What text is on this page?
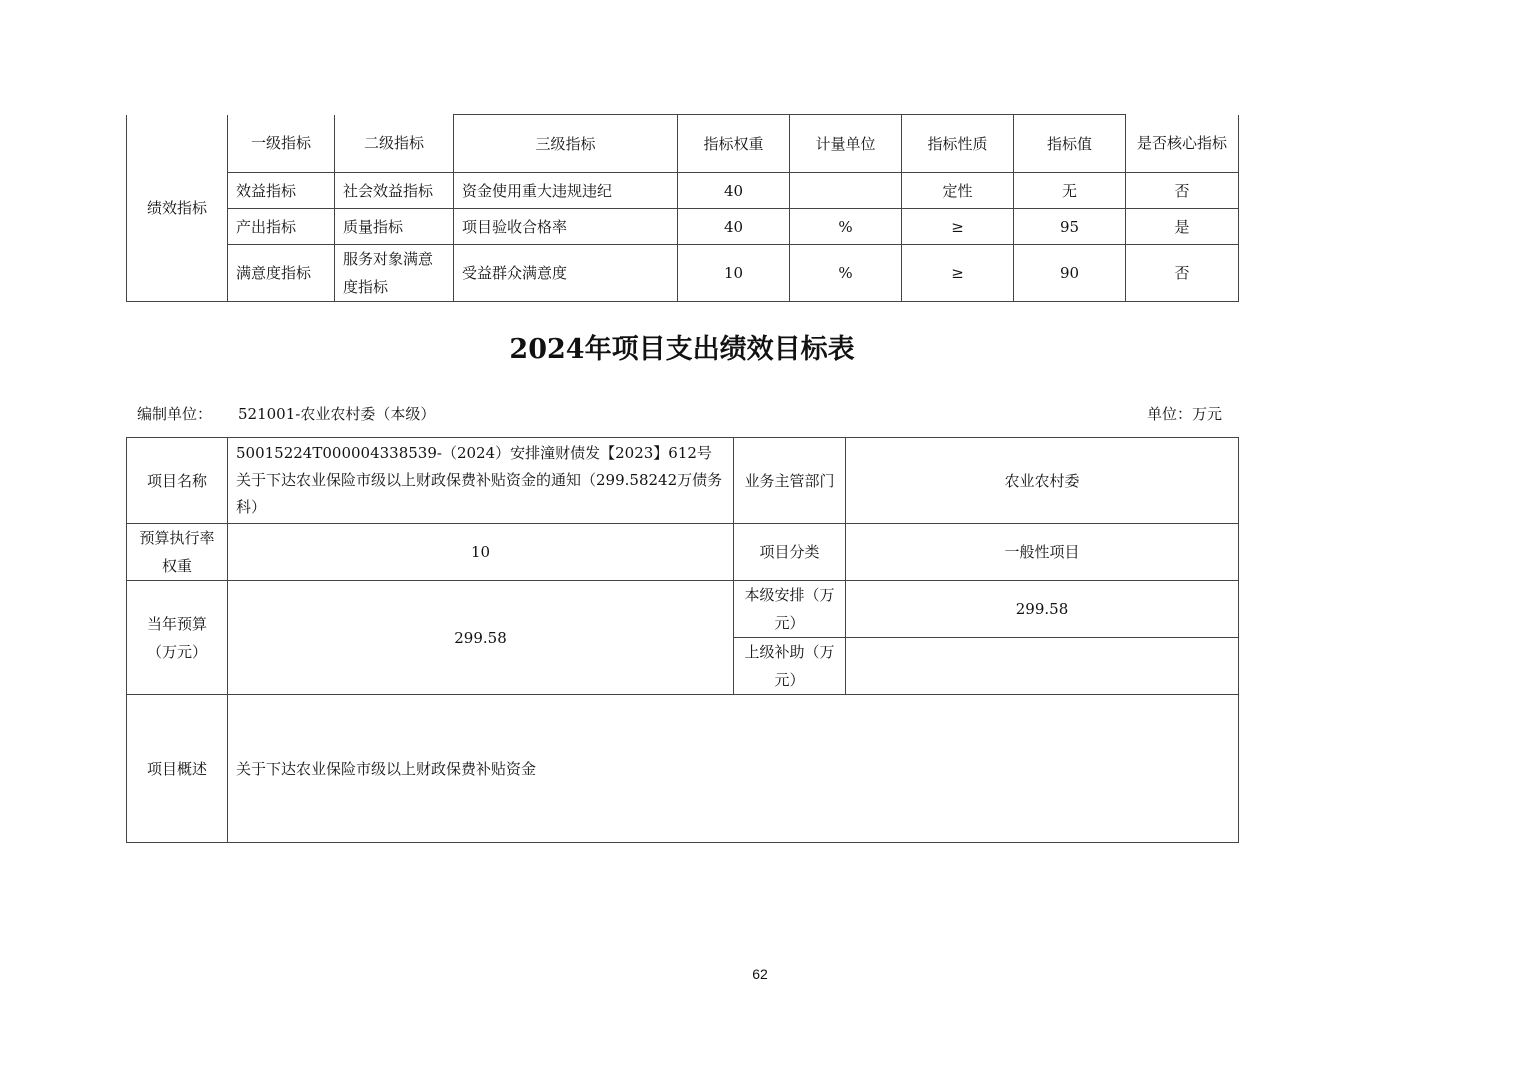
绩效指标	一级指标	二级指标	三级指标	指标权重	计量单位	指标性质	指标值	是否核心指标
	效益指标	社会效益指标	资金使用重大违规违纪	40		定性	无	否
	产出指标	质量指标	项目验收合格率	40	%	≥	95	是
	满意度指标	服务对象满意度指标	受益群众满意度	10	%	≥	90	否
2024年项目支出绩效目标表
编制单位： 521001-农业农村委（本级）	单位：万元
项目名称	50015224T000004338539-（2024）安排潼财债发【2023】612号关于下达农业保险市级以上财政保费补贴资金的通知（299.58242万债务科）	业务主管部门	农业农村委
预算执行率权重	10	项目分类	一般性项目
当年预算（万元）	299.58	本级安排（万元）	299.58
		上级补助（万元）	
项目概述	关于下达农业保险市级以上财政保费补贴资金		
62
